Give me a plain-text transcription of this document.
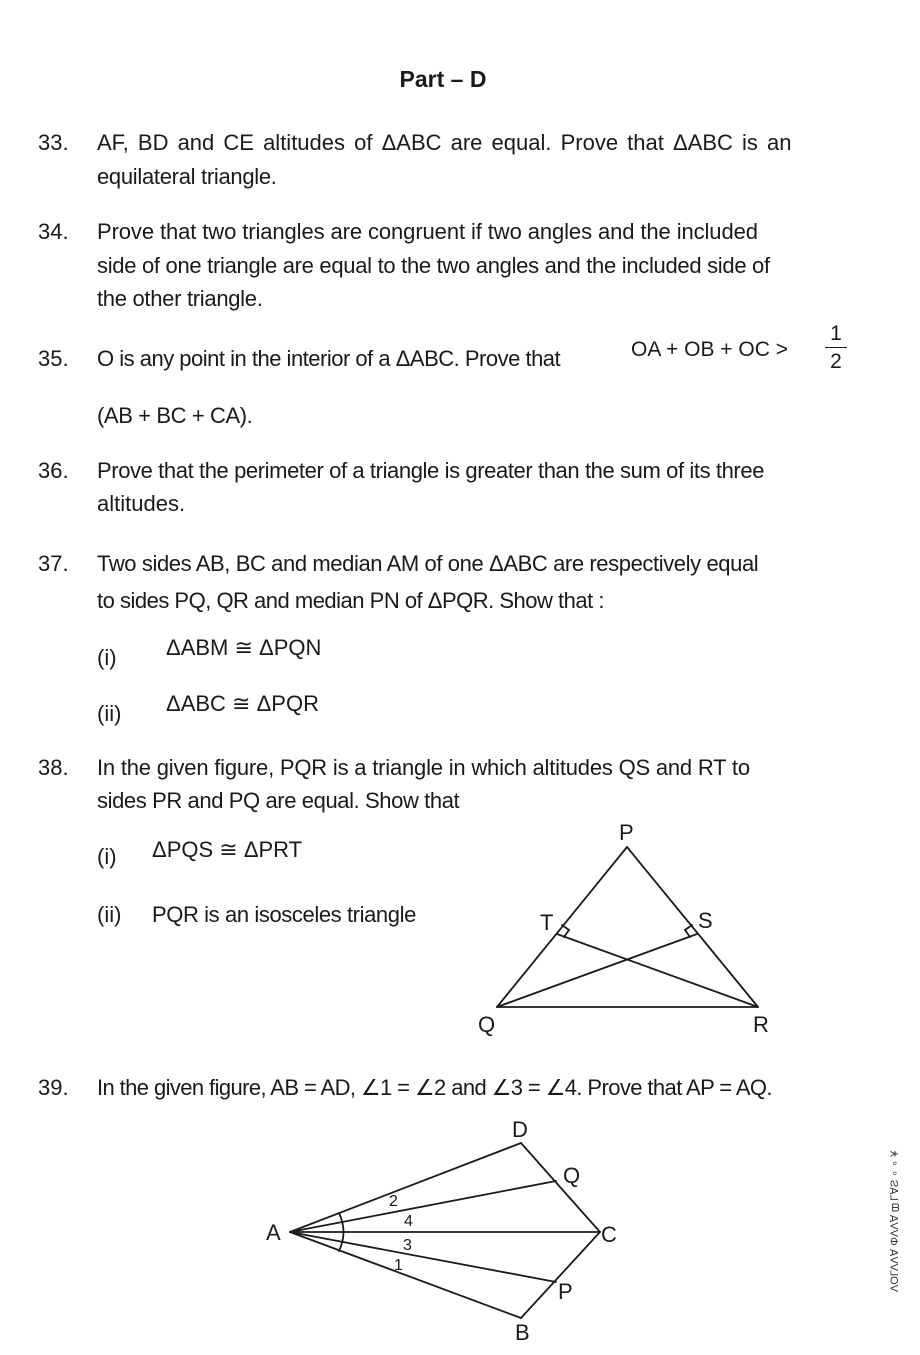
Part – D
33. AF, BD and CE altitudes of ΔABC are equal. Prove that ΔABC is an
equilateral triangle.
34. Prove that two triangles are congruent if two angles and the included
side of one triangle are equal to the two angles and the included side of
the other triangle.
35. O is any point in the interior of a ΔABC. Prove that	OA + OB + OC >
1
2
(AB + BC + CA).
36. Prove that the perimeter of a triangle is greater than the sum of its three
altitudes.
37. Two sides AB, BC and median AM of one ΔABC are respectively equal
to sides PQ, QR and median PN of ΔPQR. Show that :
(i) ΔABM ≅ ΔPQN
(ii) ΔABC ≅ ΔPQR
38. In the given figure, PQR is a triangle in which altitudes QS and RT to
sides PR and PQ are equal. Show that
(i) ΔPQS ≅ ΔPRT
(ii) PQR is an isosceles triangle
P
T	S
Q	R
39. In the given figure, AB = AD, ∠1 = ∠2 and ∠3 = ∠4. Prove that AP = AQ.
A
D
Q
C
P
B
2
4
3
1	ΛOΓΛΛ∀ ΦΛΛ∀ ᗺΓ∀Ƨ ∘ ∘ ¥
